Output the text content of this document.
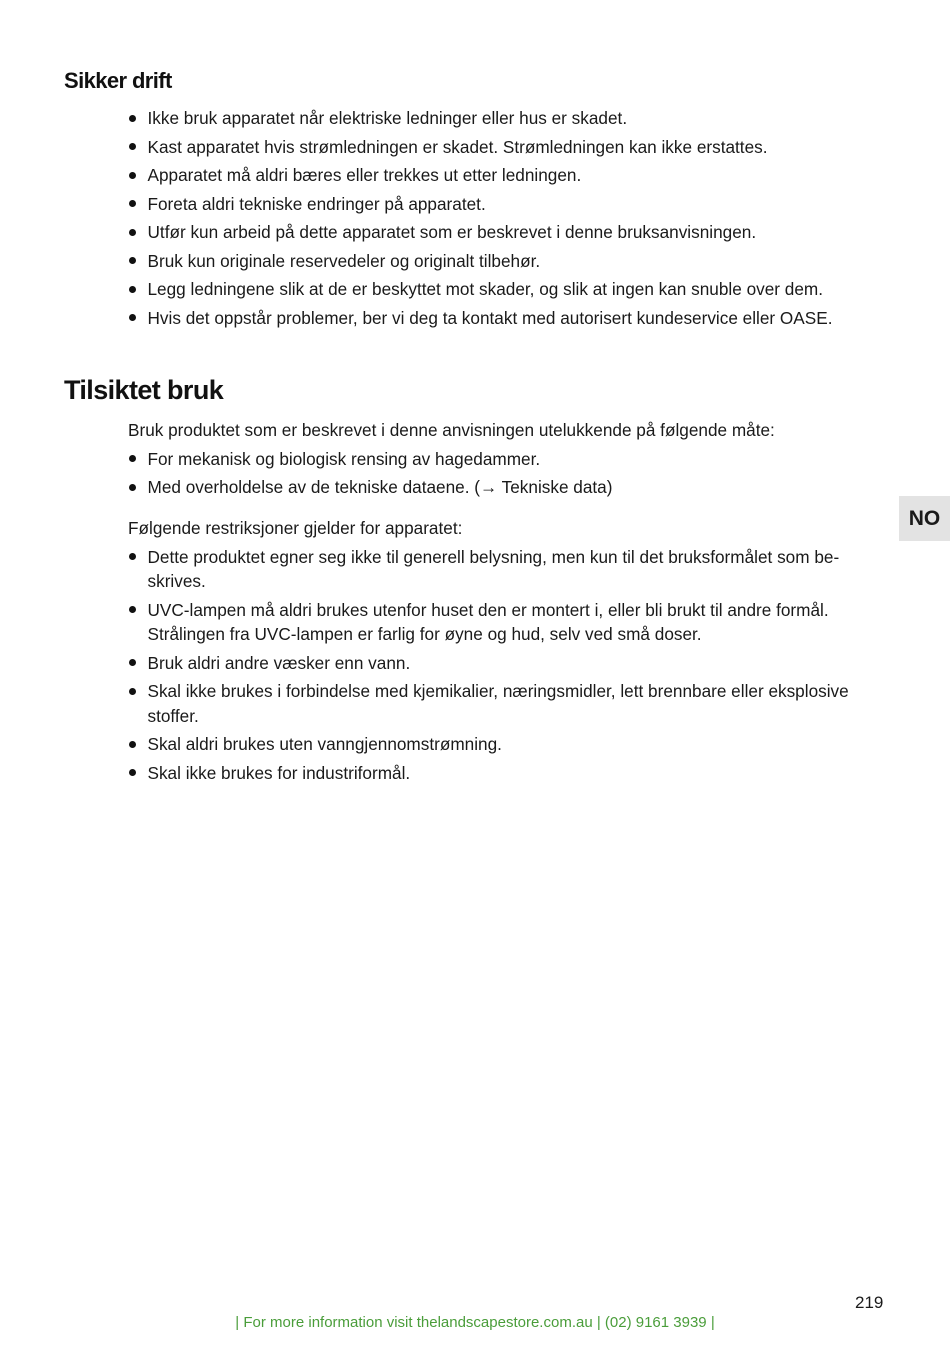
Sikker drift
Ikke bruk apparatet når elektriske ledninger eller hus er skadet.
Kast apparatet hvis strømledningen er skadet. Strømledningen kan ikke erstattes.
Apparatet må aldri bæres eller trekkes ut etter ledningen.
Foreta aldri tekniske endringer på apparatet.
Utfør kun arbeid på dette apparatet som er beskrevet i denne bruksanvisningen.
Bruk kun originale reservedeler og originalt tilbehør.
Legg ledningene slik at de er beskyttet mot skader, og slik at ingen kan snuble over dem.
Hvis det oppstår problemer, ber vi deg ta kontakt med autorisert kundeservice eller OASE.
Tilsiktet bruk

Bruk produktet som er beskrevet i denne anvisningen utelukkende på følgende måte:

For mekanisk og biologisk rensing av hagedammer.
Med overholdelse av de tekniske dataene. (→ Tekniske data)

Følgende restriksjoner gjelder for apparatet:

Dette produktet egner seg ikke til generell belysning, men kun til det bruksformålet som beskrives.
UVC-lampen må aldri brukes utenfor huset den er montert i, eller bli brukt til andre formål. Strålingen fra UVC-lampen er farlig for øyne og hud, selv ved små doser.
Bruk aldri andre væsker enn vann.
Skal ikke brukes i forbindelse med kjemikalier, næringsmidler, lett brennbare eller eksplosive stoffer.
Skal aldri brukes uten vanngjennomstrømning.
Skal ikke brukes for industriformål.
NO
219
| For more information visit thelandscapestore.com.au | (02) 9161 3939 |
